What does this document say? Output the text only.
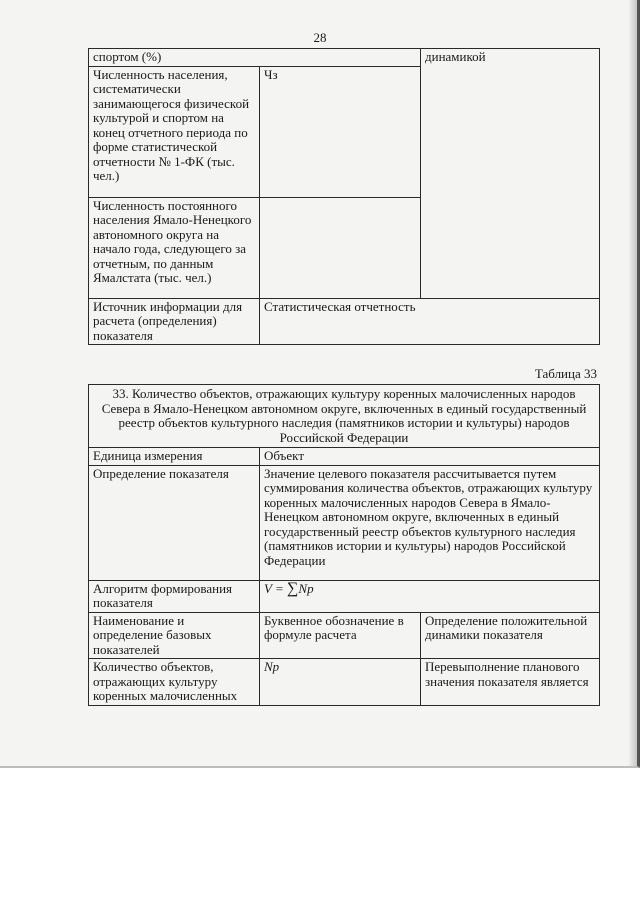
28
спортом (%)		динамикой
Численность населения, систематически занимающегося физической культурой и спортом на конец отчетного периода по форме статистической отчетности № 1-ФК (тыс. чел.)	Чз	
Численность постоянного населения Ямало-Ненецкого автономного округа на начало года, следующего за отчетным, по данным Ямалстата (тыс. чел.)		
Источник информации для расчета (определения) показателя	Статистическая отчетность	
Таблица 33
33. Количество объектов, отражающих культуру коренных малочисленных народов Севера в Ямало-Ненецком автономном округе, включенных в единый государственный реестр объектов культурного наследия (памятников истории и культуры) народов Российской Федерации		
Единица измерения	Объект	
Определение показателя	Значение целевого показателя рассчитывается путем суммирования количества объектов, отражающих культуру коренных малочисленных народов Севера в Ямало-Ненецком автономном округе, включенных в единый государственный реестр объектов культурного наследия (памятников истории и культуры) народов Российской Федерации	
Алгоритм формирования показателя	V = ∑Np	
Наименование и определение базовых показателей	Буквенное обозначение в формуле расчета	Определение положительной динамики показателя
Количество объектов, отражающих культуру коренных малочисленных	Np	Перевыполнение планового значения показателя является
